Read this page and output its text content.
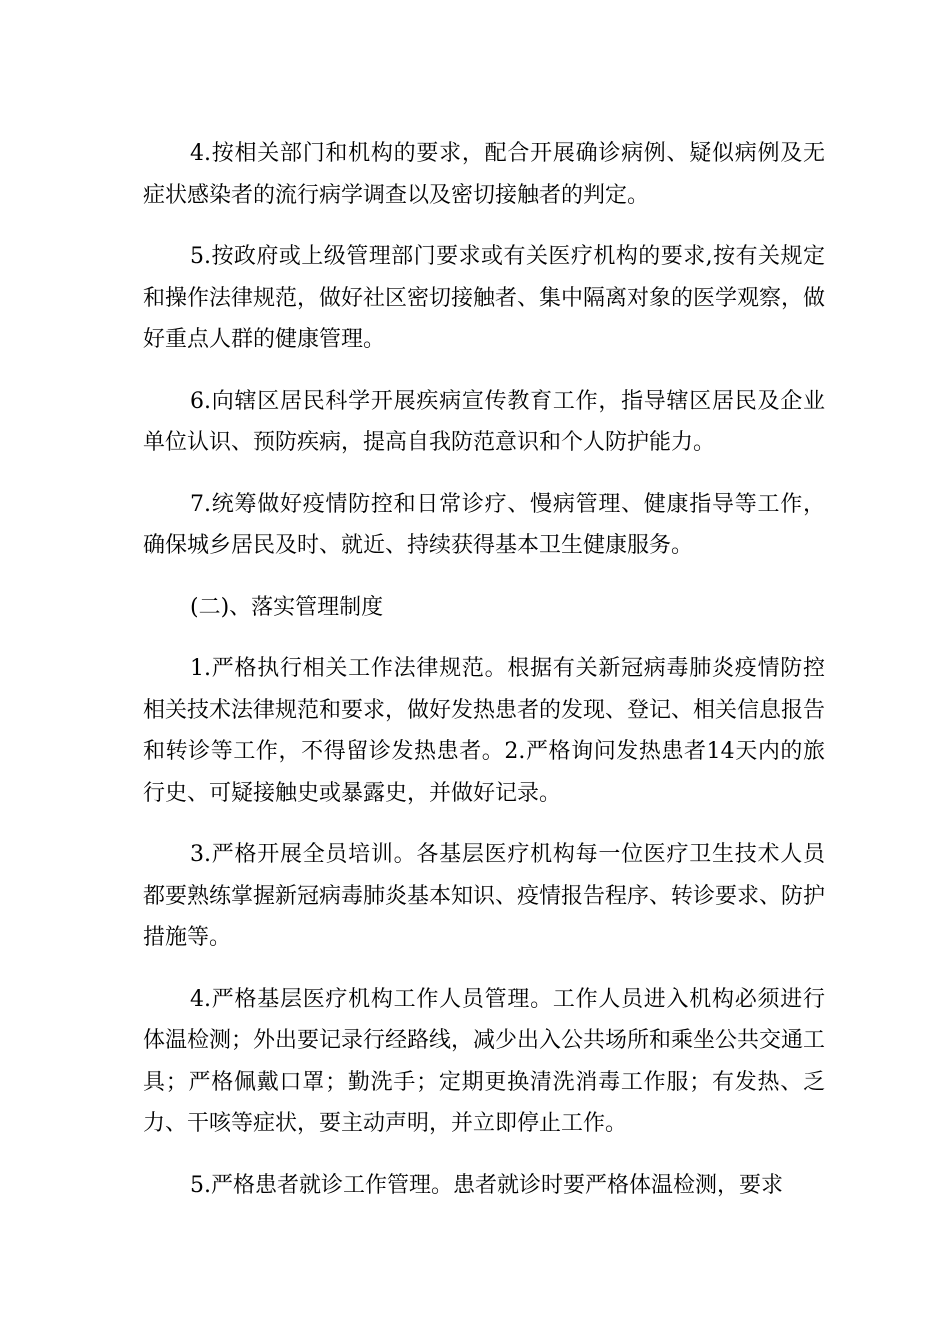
4.按相关部门和机构的要求，配合开展确诊病例、疑似病例及无症状感染者的流行病学调查以及密切接触者的判定。

5.按政府或上级管理部门要求或有关医疗机构的要求,按有关规定和操作法律规范，做好社区密切接触者、集中隔离对象的医学观察，做好重点人群的健康管理。

6.向辖区居民科学开展疾病宣传教育工作，指导辖区居民及企业单位认识、预防疾病，提高自我防范意识和个人防护能力。

7.统筹做好疫情防控和日常诊疗、慢病管理、健康指导等工作，确保城乡居民及时、就近、持续获得基本卫生健康服务。

(二)、落实管理制度

1.严格执行相关工作法律规范。根据有关新冠病毒肺炎疫情防控相关技术法律规范和要求，做好发热患者的发现、登记、相关信息报告和转诊等工作，不得留诊发热患者。2.严格询问发热患者14天内的旅行史、可疑接触史或暴露史，并做好记录。

3.严格开展全员培训。各基层医疗机构每一位医疗卫生技术人员都要熟练掌握新冠病毒肺炎基本知识、疫情报告程序、转诊要求、防护措施等。

4.严格基层医疗机构工作人员管理。工作人员进入机构必须进行体温检测；外出要记录行经路线，减少出入公共场所和乘坐公共交通工具；严格佩戴口罩；勤洗手；定期更换清洗消毒工作服；有发热、乏力、干咳等症状，要主动声明，并立即停止工作。

5.严格患者就诊工作管理。患者就诊时要严格体温检测，要求
